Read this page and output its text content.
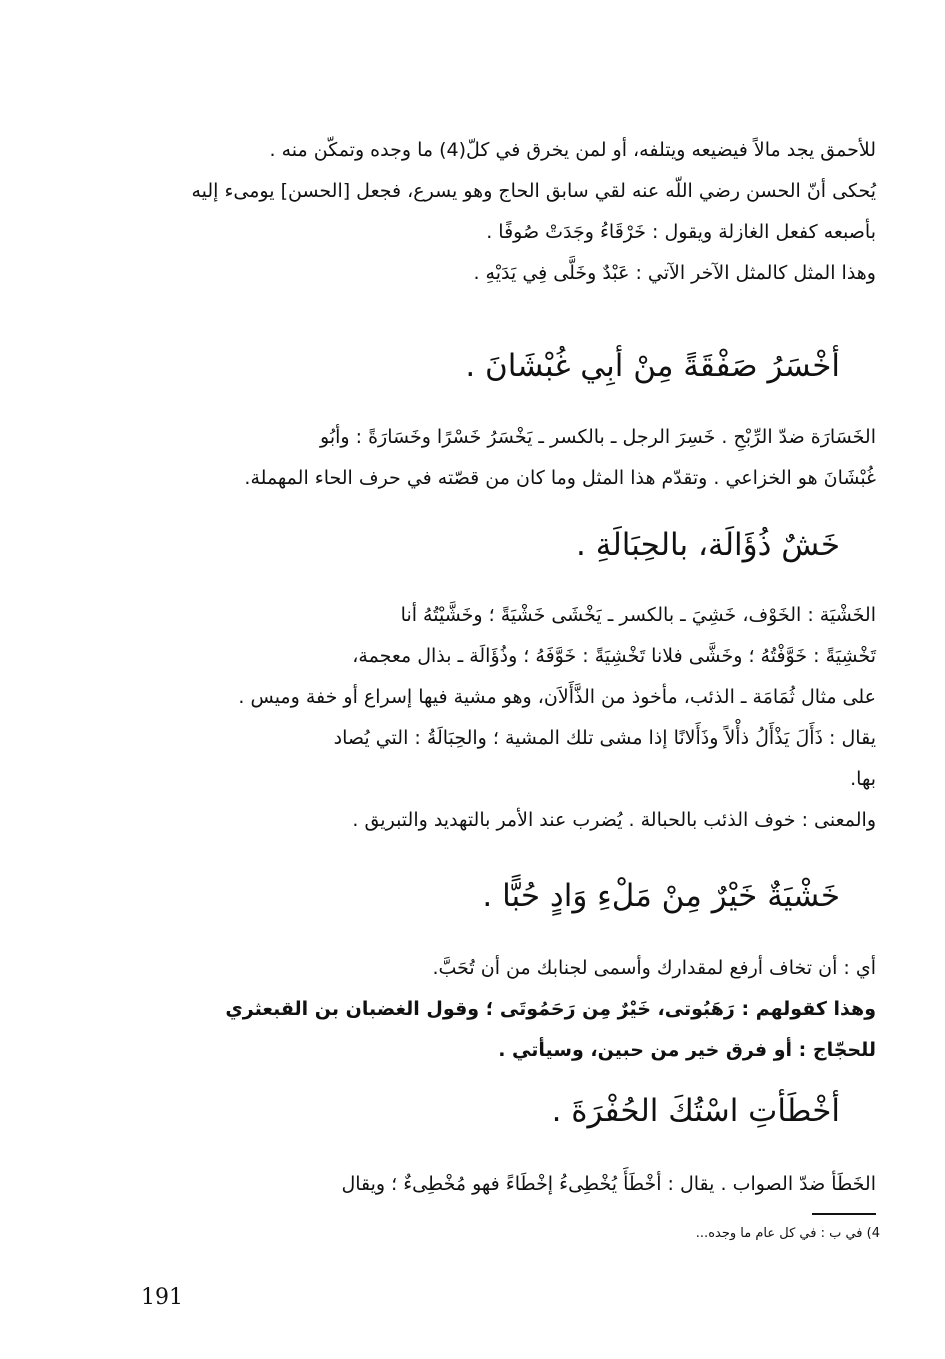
للأحمق يجد مالاً فيضيعه ويتلفه، أو لمن يخرق في كلّ(4) ما وجده وتمكّن منه .
يُحكى أنّ الحسن رضي اللّه عنه لقي سابق الحاج وهو يسرع، فجعل [الحسن] يومىء إليه
بأصبعه كفعل الغازلة ويقول : خَرْقَاءُ وجَدَتْ صُوفًا .
وهذا المثل كالمثل الآخر الآتي : عَبْدٌ وخَلَّى فِي يَدَيْهِ .
أخْسَرُ صَفْقَةً مِنْ أبِي غُبْشَانَ .
الخَسَارَة ضدّ الرِّبْحِ . خَسِرَ الرجل ـ بالكسر ـ يَخْسَرُ خَسْرًا وخَسَارَةً : وأبُو
غُبْشَانَ هو الخزاعي . وتقدّم هذا المثل وما كان من قصّته في حرف الحاء المهملة.
خَشٌ ذُؤَالَة، بالحِبَالَةِ .
الخَشْيَة : الخَوْف، خَشِيَ ـ بالكسر ـ يَخْشَى خَشْيَةً ؛ وخَشَّيْتُهُ أنا
تَخْشِيَةً : خَوَّفْتُهُ ؛ وخَشَّى فلانا تَخْشِيَةً : خَوَّفَهُ ؛ وذُؤَالَة ـ بذال معجمة،
على مثال ثُمَامَة ـ الذئب، مأخوذ من الذَّأَلاَن، وهو مشية فيها إسراع أو خفة وميس .
يقال : ذَأَلَ يَذْأَلُ ذأْلاً وذَأَلانًا إذا مشى تلك المشية ؛ والحِبَالَةُ : التي يُصاد
بها.
والمعنى : خوف الذئب بالحبالة . يُضرب عند الأمر بالتهديد والتبريق .
خَشْيَةٌ خَيْرٌ مِنْ مَلْءِ وَادٍ حُبًّا .
أي : أن تخاف أرفع لمقدارك وأسمى لجنابك من أن تُحَبَّ.
وهذا كقولهم : رَهَبُوتى، خَيْرٌ مِن رَحَمُوتَى ؛ وقول الغضبان بن القبعثري
للحجّاج : أو فرق خير من حبين، وسيأتي .
أخْطَأتِ اسْتُكَ الحُفْرَةَ .
الخَطَأ ضدّ الصواب . يقال : أخْطَأَ يُخْطِىءُ إخْطَاءً فهو مُخْطِىءٌ ؛ ويقال
4) في ب : في كل عام ما وجده...
191
